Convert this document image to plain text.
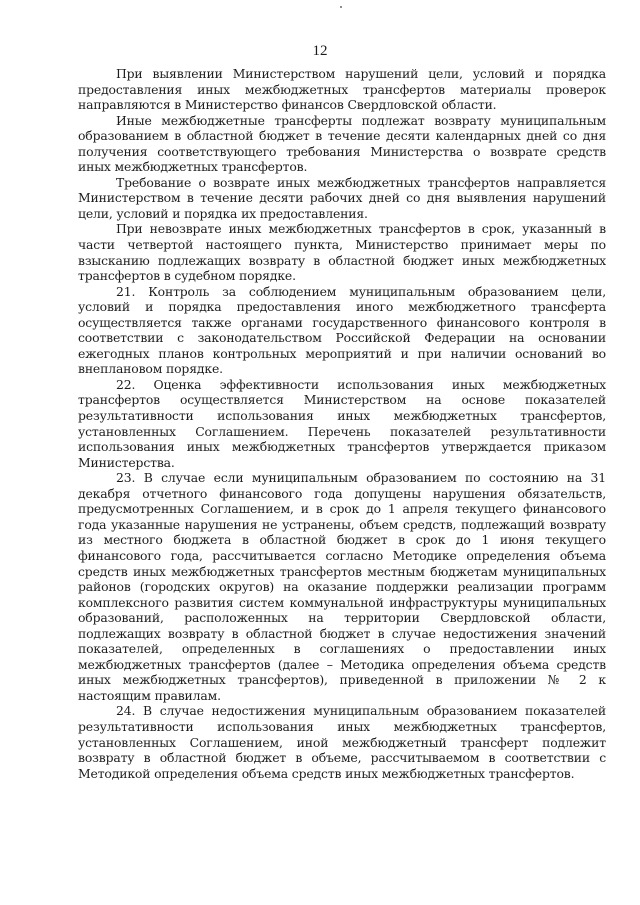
12

При выявлении Министерством нарушений цели, условий и порядка предоставления иных межбюджетных трансфертов материалы проверок направляются в Министерство финансов Свердловской области.

Иные межбюджетные трансферты подлежат возврату муниципальным образованием в областной бюджет в течение десяти календарных дней со дня получения соответствующего требования Министерства о возврате средств иных межбюджетных трансфертов.

Требование о возврате иных межбюджетных трансфертов направляется Министерством в течение десяти рабочих дней со дня выявления нарушений цели, условий и порядка их предоставления.

При невозврате иных межбюджетных трансфертов в срок, указанный в части четвертой настоящего пункта, Министерство принимает меры по взысканию подлежащих возврату в областной бюджет иных межбюджетных трансфертов в судебном порядке.

21. Контроль за соблюдением муниципальным образованием цели, условий и порядка предоставления иного межбюджетного трансферта осуществляется также органами государственного финансового контроля в соответствии с законодательством Российской Федерации на основании ежегодных планов контрольных мероприятий и при наличии оснований во внеплановом порядке.

22. Оценка эффективности использования иных межбюджетных трансфертов осуществляется Министерством на основе показателей результативности использования иных межбюджетных трансфертов, установленных Соглашением. Перечень показателей результативности использования иных межбюджетных трансфертов утверждается приказом Министерства.

23. В случае если муниципальным образованием по состоянию на 31 декабря отчетного финансового года допущены нарушения обязательств, предусмотренных Соглашением, и в срок до 1 апреля текущего финансового года указанные нарушения не устранены, объем средств, подлежащий возврату из местного бюджета в областной бюджет в срок до 1 июня текущего финансового года, рассчитывается согласно Методике определения объема средств иных межбюджетных трансфертов местным бюджетам муниципальных районов (городских округов) на оказание поддержки реализации программ комплексного развития систем коммунальной инфраструктуры муниципальных образований, расположенных на территории Свердловской области, подлежащих возврату в областной бюджет в случае недостижения значений показателей, определенных в соглашениях о предоставлении иных межбюджетных трансфертов (далее – Методика определения объема средств иных межбюджетных трансфертов), приведенной в приложении № 2 к настоящим правилам.

24. В случае недостижения муниципальным образованием показателей результативности использования иных межбюджетных трансфертов, установленных Соглашением, иной межбюджетный трансферт подлежит возврату в областной бюджет в объеме, рассчитываемом в соответствии с Методикой определения объема средств иных межбюджетных трансфертов.
